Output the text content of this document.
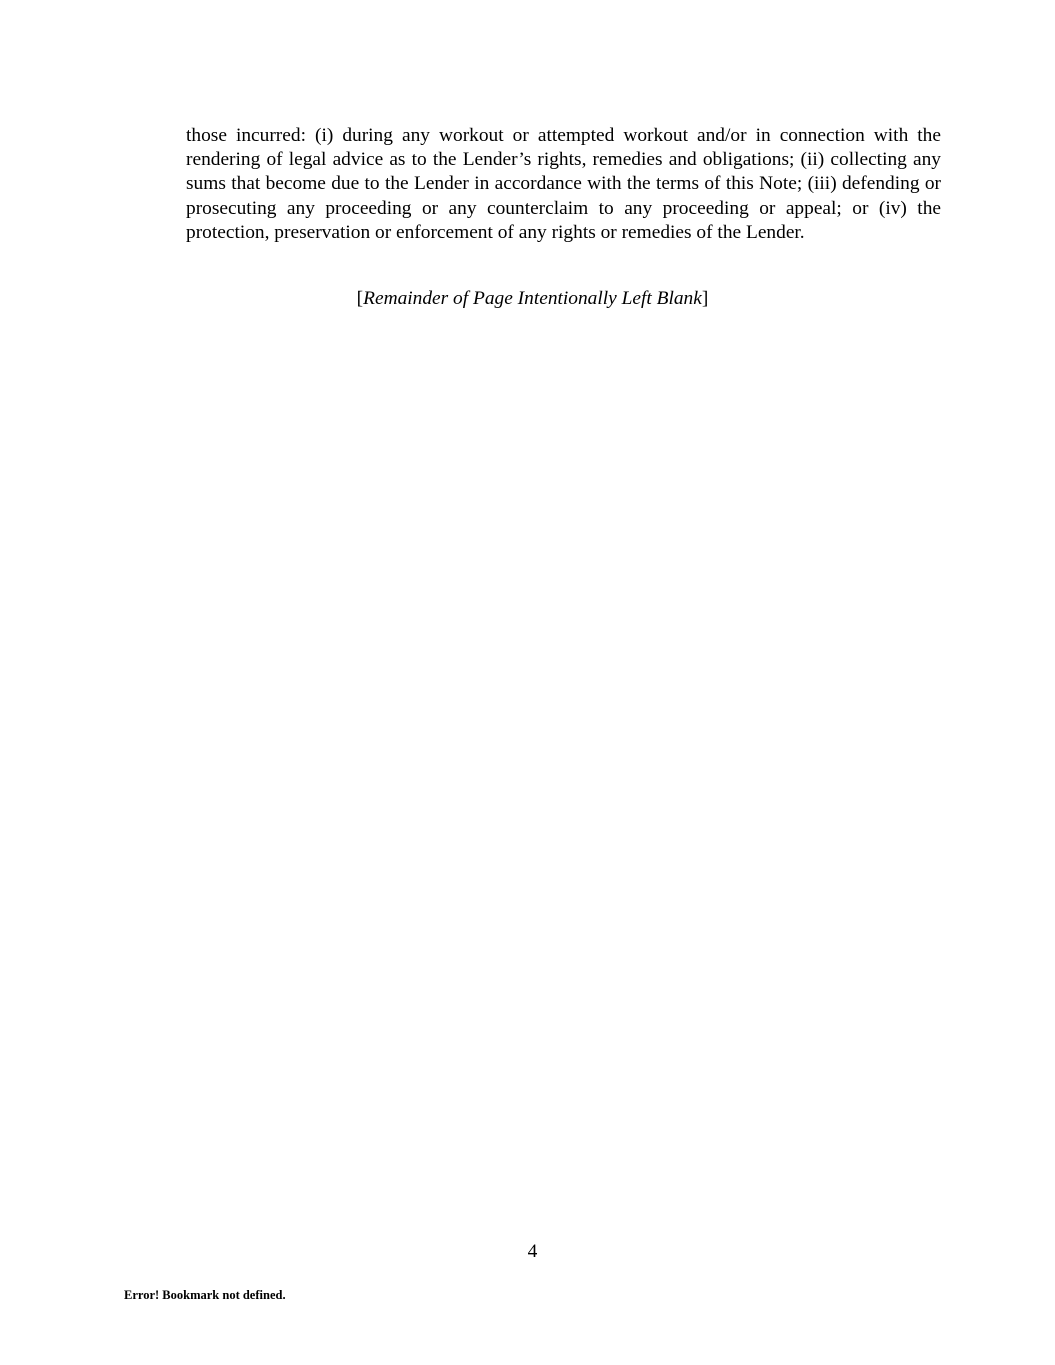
those incurred: (i) during any workout or attempted workout and/or in connection with the rendering of legal advice as to the Lender’s rights, remedies and obligations; (ii) collecting any sums that become due to the Lender in accordance with the terms of this Note; (iii) defending or prosecuting any proceeding or any counterclaim to any proceeding or appeal; or (iv) the protection, preservation or enforcement of any rights or remedies of the Lender.

[Remainder of Page Intentionally Left Blank]

4

Error! Bookmark not defined.
